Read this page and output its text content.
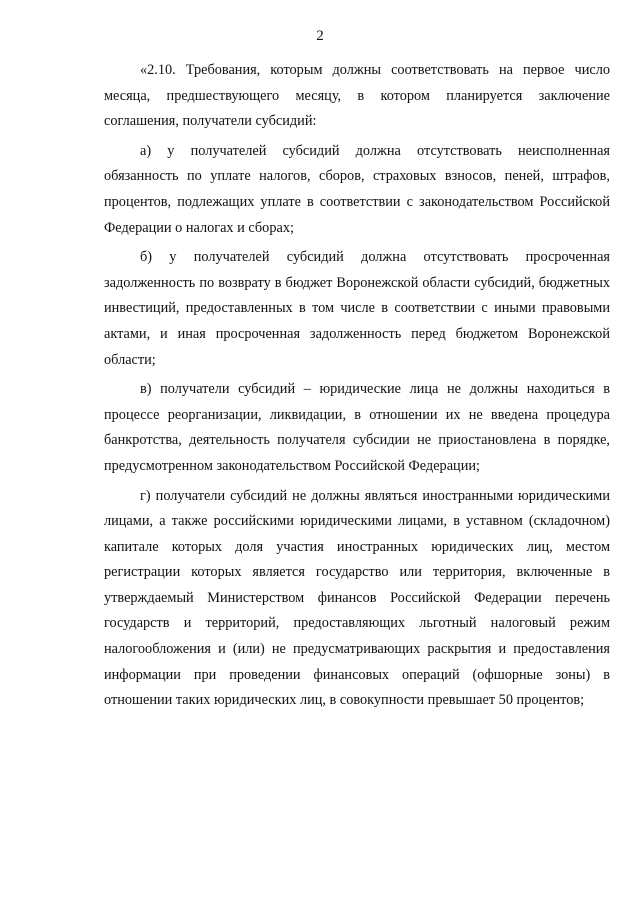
2

«2.10. Требования, которым должны соответствовать на первое число месяца, предшествующего месяцу, в котором планируется заключение соглашения, получатели субсидий:

а) у получателей субсидий должна отсутствовать неисполненная обязанность по уплате налогов, сборов, страховых взносов, пеней, штрафов, процентов, подлежащих уплате в соответствии с законодательством Российской Федерации о налогах и сборах;

б) у получателей субсидий должна отсутствовать просроченная задолженность по возврату в бюджет Воронежской области субсидий, бюджетных инвестиций, предоставленных в том числе в соответствии с иными правовыми актами, и иная просроченная задолженность перед бюджетом Воронежской области;

в) получатели субсидий – юридические лица не должны находиться в процессе реорганизации, ликвидации, в отношении их не введена процедура банкротства, деятельность получателя субсидии не приостановлена в порядке, предусмотренном законодательством Российской Федерации;

г) получатели субсидий не должны являться иностранными юридическими лицами, а также российскими юридическими лицами, в уставном (складочном) капитале которых доля участия иностранных юридических лиц, местом регистрации которых является государство или территория, включенные в утверждаемый Министерством финансов Российской Федерации перечень государств и территорий, предоставляющих льготный налоговый режим налогообложения и (или) не предусматривающих раскрытия и предоставления информации при проведении финансовых операций (офшорные зоны) в отношении таких юридических лиц, в совокупности превышает 50 процентов;
